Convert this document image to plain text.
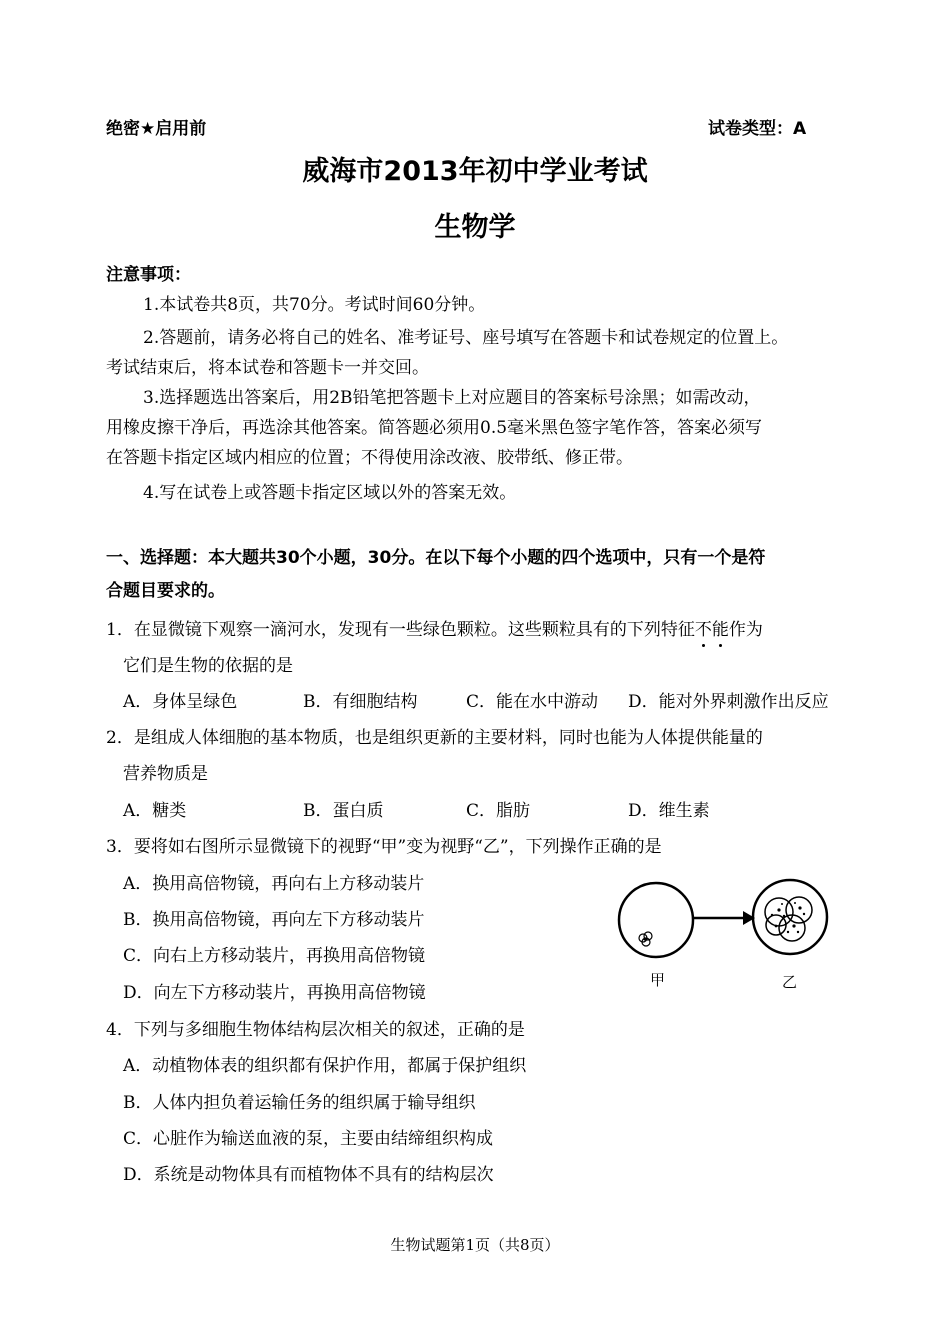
绝密★启用前	试卷类型：A
威海市2013年初中学业考试
生物学
注意事项：
1.本试卷共8页，共70分。考试时间60分钟。
2.答题前，请务必将自己的姓名、准考证号、座号填写在答题卡和试卷规定的位置上。
考试结束后，将本试卷和答题卡一并交回。
3.选择题选出答案后，用2B铅笔把答题卡上对应题目的答案标号涂黑；如需改动，
用橡皮擦干净后，再选涂其他答案。简答题必须用0.5毫米黑色签字笔作答，答案必须写
在答题卡指定区域内相应的位置；不得使用涂改液、胶带纸、修正带。
4.写在试卷上或答题卡指定区域以外的答案无效。
一、选择题：本大题共30个小题，30分。在以下每个小题的四个选项中，只有一个是符
合题目要求的。
1．在显微镜下观察一滴河水，发现有一些绿色颗粒。这些颗粒具有的下列特征不能作为
它们是生物的依据的是
A．身体呈绿色	B．有细胞结构	C．能在水中游动 D．能对外界刺激作出反应
2．是组成人体细胞的基本物质，也是组织更新的主要材料，同时也能为人体提供能量的
营养物质是
A．糖类	B．蛋白质	C．脂肪	D．维生素
3．要将如右图所示显微镜下的视野“甲”变为视野“乙”，下列操作正确的是
A．换用高倍物镜，再向右上方移动装片
B．换用高倍物镜，再向左下方移动装片
C．向右上方移动装片，再换用高倍物镜
D．向左下方移动装片，再换用高倍物镜
甲	乙
4．下列与多细胞生物体结构层次相关的叙述，正确的是
A．动植物体表的组织都有保护作用，都属于保护组织
B．人体内担负着运输任务的组织属于输导组织
C．心脏作为输送血液的泵，主要由结缔组织构成
D．系统是动物体具有而植物体不具有的结构层次
生物试题第1页（共8页）
